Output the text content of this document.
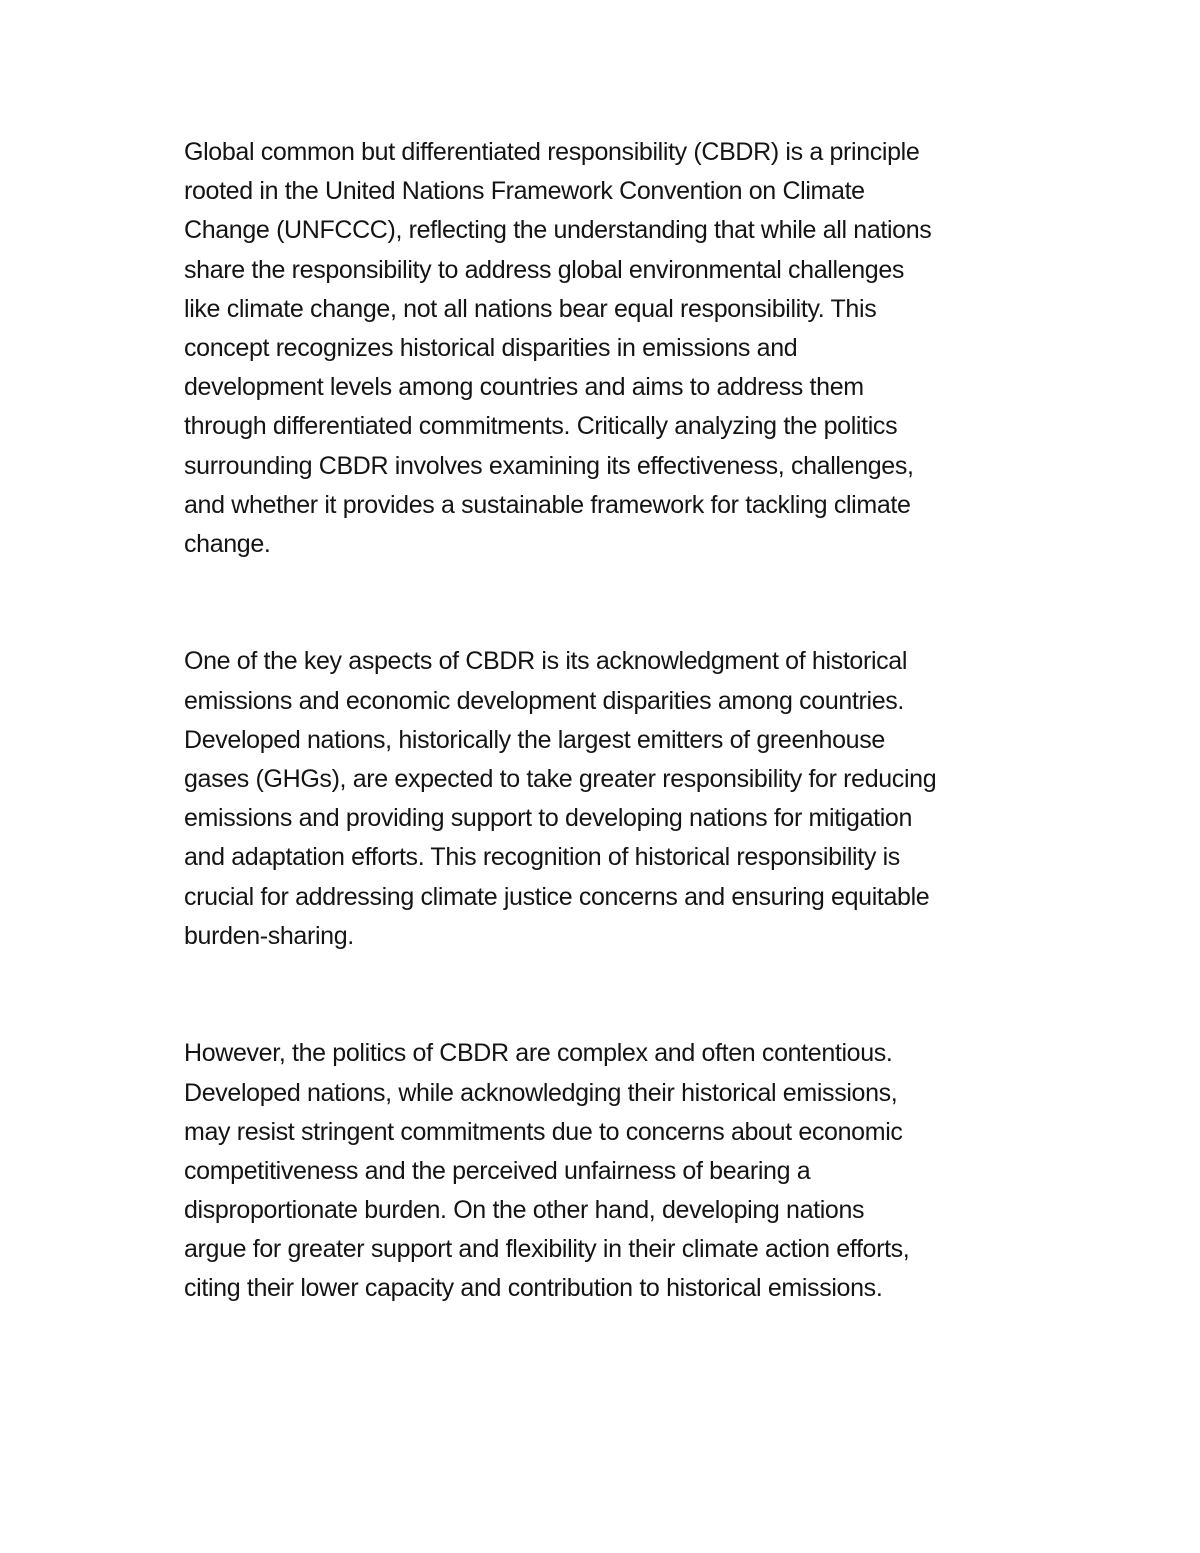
Global common but differentiated responsibility (CBDR) is a principle
rooted in the United Nations Framework Convention on Climate
Change (UNFCCC), reflecting the understanding that while all nations
share the responsibility to address global environmental challenges
like climate change, not all nations bear equal responsibility. This
concept recognizes historical disparities in emissions and
development levels among countries and aims to address them
through differentiated commitments. Critically analyzing the politics
surrounding CBDR involves examining its effectiveness, challenges,
and whether it provides a sustainable framework for tackling climate
change.
One of the key aspects of CBDR is its acknowledgment of historical
emissions and economic development disparities among countries.
Developed nations, historically the largest emitters of greenhouse
gases (GHGs), are expected to take greater responsibility for reducing
emissions and providing support to developing nations for mitigation
and adaptation efforts. This recognition of historical responsibility is
crucial for addressing climate justice concerns and ensuring equitable
burden-sharing.
However, the politics of CBDR are complex and often contentious.
Developed nations, while acknowledging their historical emissions,
may resist stringent commitments due to concerns about economic
competitiveness and the perceived unfairness of bearing a
disproportionate burden. On the other hand, developing nations
argue for greater support and flexibility in their climate action efforts,
citing their lower capacity and contribution to historical emissions.
